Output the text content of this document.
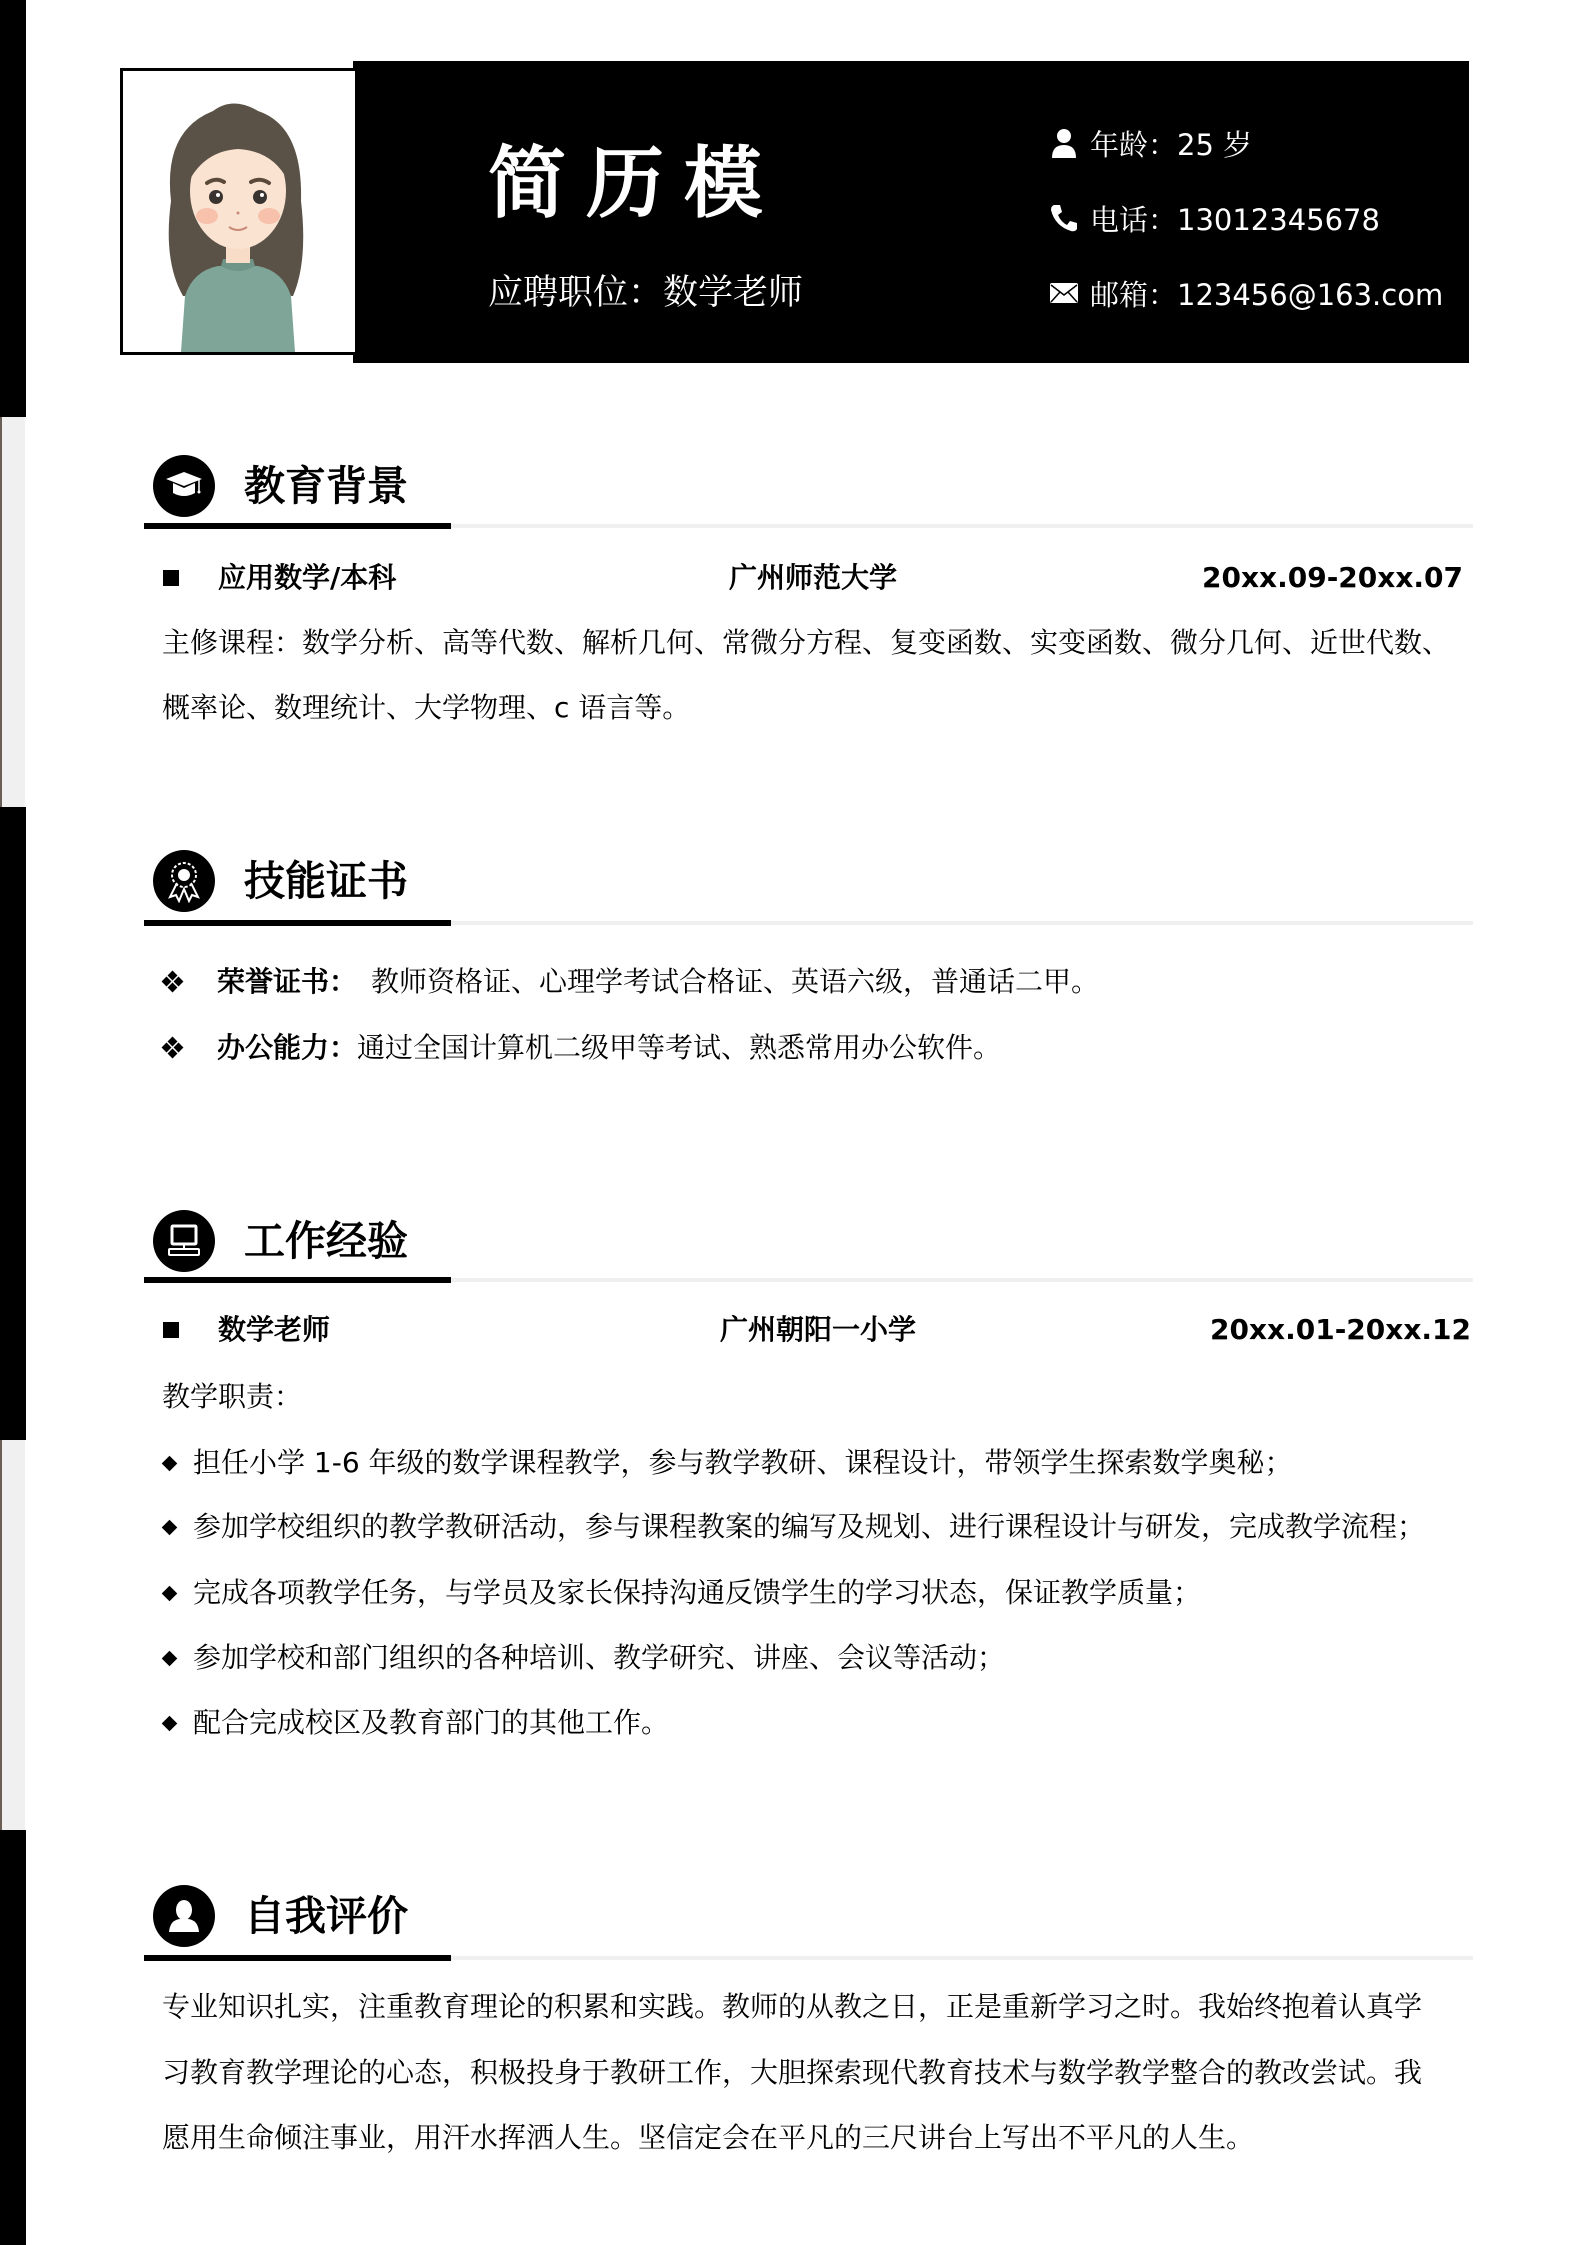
简历模
应聘职位：数学老师
年龄：25 岁
电话：13012345678
邮箱：123456@163.com
教育背景
应用数学/本科	广州师范大学	20xx.09-20xx.07
主修课程：数学分析、高等代数、解析几何、常微分方程、复变函数、实变函数、微分几何、近世代数、
概率论、数理统计、大学物理、c 语言等。
技能证书
荣誉证书： 教师资格证、心理学考试合格证、英语六级，普通话二甲。
办公能力： 通过全国计算机二级甲等考试、熟悉常用办公软件。
工作经验
数学老师	广州朝阳一小学	20xx.01-20xx.12
教学职责：
担任小学 1-6 年级的数学课程教学，参与教学教研、课程设计，带领学生探索数学奥秘；
参加学校组织的教学教研活动，参与课程教案的编写及规划、进行课程设计与研发，完成教学流程；
完成各项教学任务，与学员及家长保持沟通反馈学生的学习状态，保证教学质量；
参加学校和部门组织的各种培训、教学研究、讲座、会议等活动；
配合完成校区及教育部门的其他工作。
自我评价
专业知识扎实，注重教育理论的积累和实践。教师的从教之日，正是重新学习之时。我始终抱着认真学
习教育教学理论的心态，积极投身于教研工作，大胆探索现代教育技术与数学教学整合的教改尝试。我
愿用生命倾注事业，用汗水挥洒人生。坚信定会在平凡的三尺讲台上写出不平凡的人生。
